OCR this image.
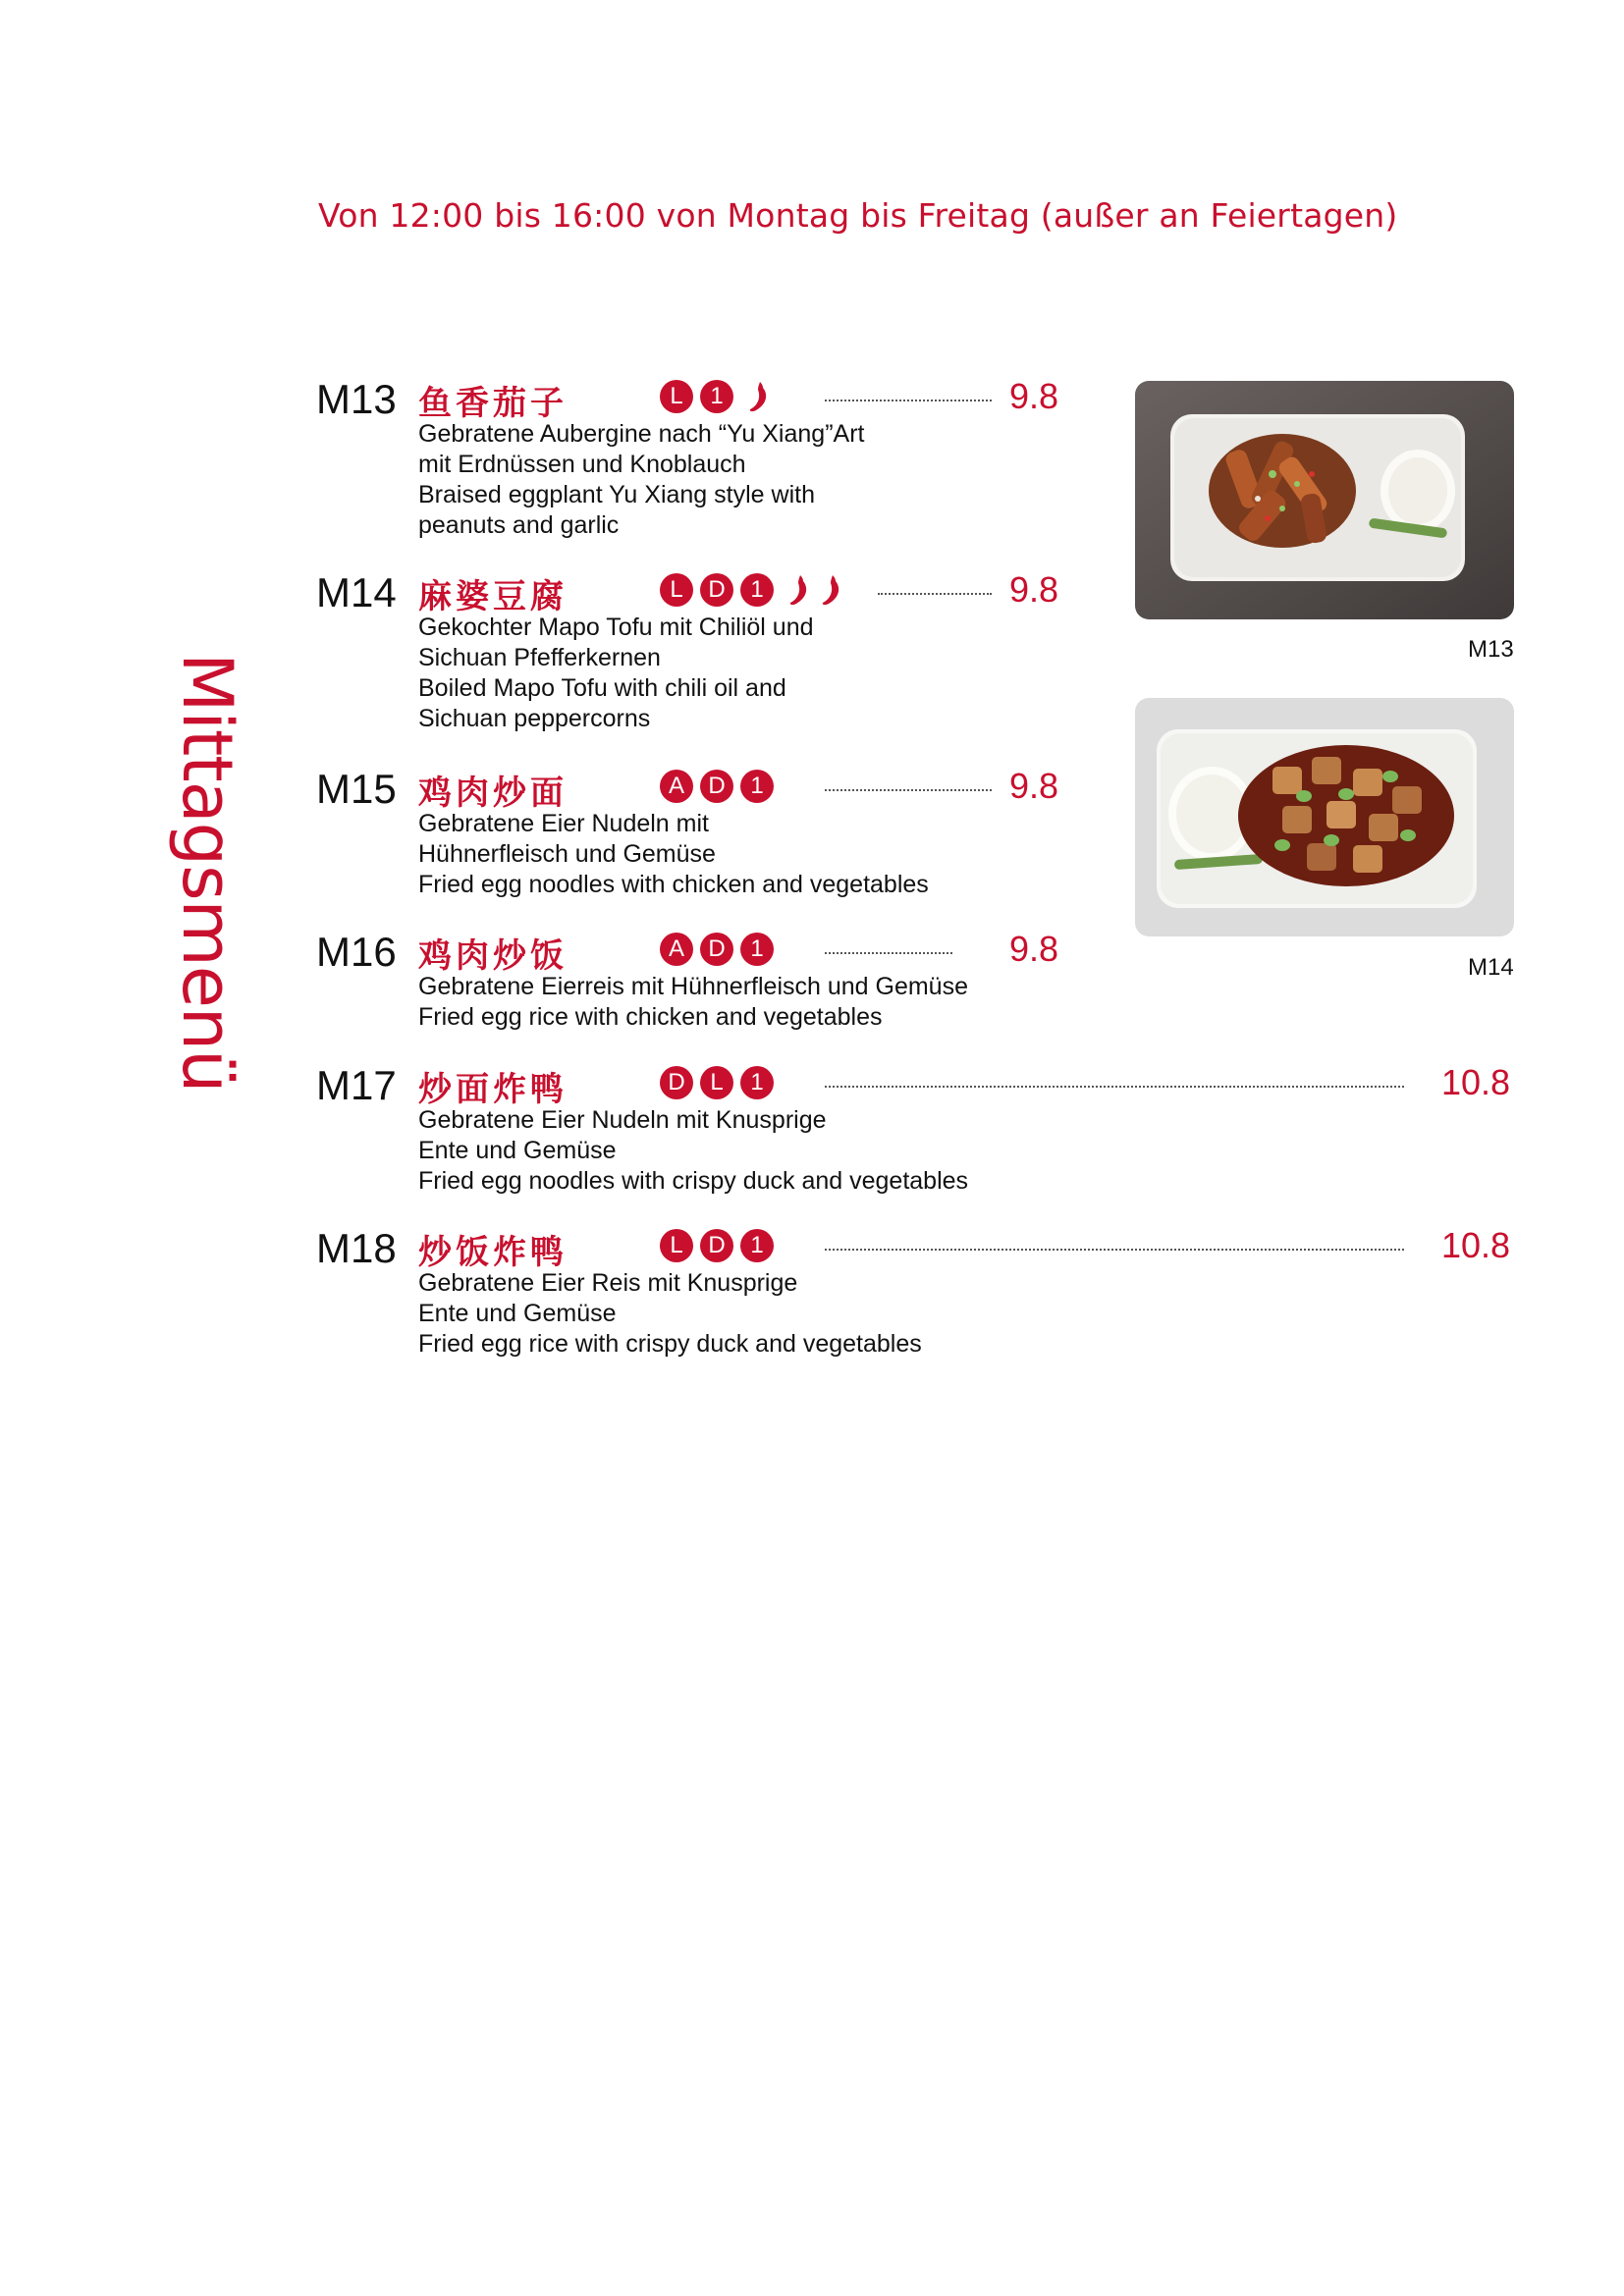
Von 12:00 bis 16:00 von Montag bis Freitag (außer an Feiertagen)
Mittagsmenü
M13 鱼香茄子	L	1	9.8
Gebratene Aubergine nach “Yu Xiang”Art
mit Erdnüssen und Knoblauch
Braised eggplant Yu Xiang style with
peanuts and garlic
M14 麻婆豆腐	L	D	1	9.8
Gekochter Mapo Tofu mit Chiliöl und
Sichuan Pfefferkernen
Boiled Mapo Tofu with chili oil and
Sichuan peppercorns
M15 鸡肉炒面	A	D	1	9.8
Gebratene Eier Nudeln mit
Hühnerfleisch und Gemüse
Fried egg noodles with chicken and vegetables
M16 鸡肉炒饭	A	D	1	9.8
Gebratene Eierreis mit Hühnerfleisch und Gemüse
Fried egg rice with chicken and vegetables
M17 炒面炸鸭	D	L	1	10.8
Gebratene Eier Nudeln mit Knusprige
Ente und Gemüse
Fried egg noodles with crispy duck and vegetables
M18 炒饭炸鸭	L	D	1	10.8
Gebratene Eier Reis mit Knusprige
Ente und Gemüse
Fried egg rice with crispy duck and vegetables
M13
M14
